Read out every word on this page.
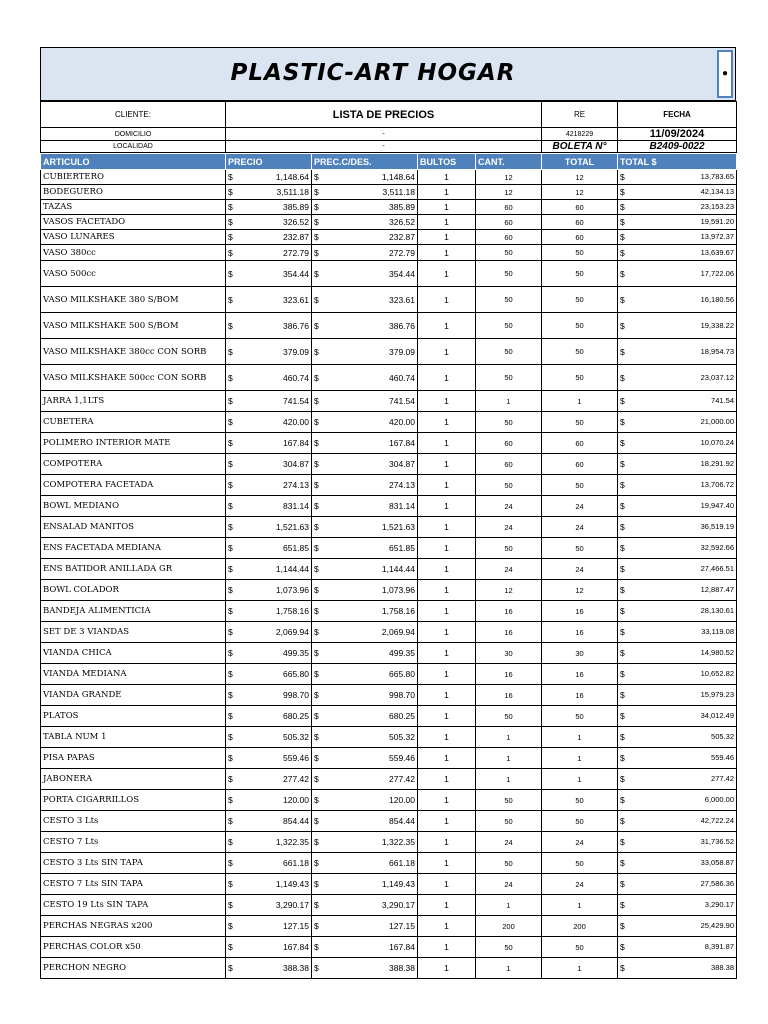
PLASTIC-ART HOGAR	●
CLIENTE:	LISTA DE PRECIOS	RE	FECHA
DOMICILIO	-	4218229	11/09/2024
LOCALIDAD	-	BOLETA N°	B2409-0022
ARTICULO	PRECIO	PREC.C/DES.	BULTOS	CANT.	TOTAL	TOTAL $
CUBIERTERO	$ 1,148.64	$ 1,148.64	1	12	12	$ 13,783.65

BODEGUERO	$ 3,511.18	$ 3,511.18	1	12	12	$ 42,134.13

TAZAS	$ 385.89	$ 385.89	1	60	60	$ 23,153.23

VASOS FACETADO	$ 326.52	$ 326.52	1	60	60	$ 19,591.20

VASO LUNARES	$ 232.87	$ 232.87	1	60	60	$ 13,972.37

VASO 380cc	$ 272.79	$ 272.79	1	50	50	$ 13,639.67

VASO 500cc	$ 354.44	$ 354.44	1	50	50	$ 17,722.06

VASO MILKSHAKE 380 S/BOM	$ 323.61	$ 323.61	1	50	50	$ 16,180.56

VASO MILKSHAKE 500 S/BOM	$ 386.76	$ 386.76	1	50	50	$ 19,338.22

VASO MILKSHAKE 380cc CON SORB	$ 379.09	$ 379.09	1	50	50	$ 18,954.73

VASO MILKSHAKE 500cc CON SORB	$ 460.74	$ 460.74	1	50	50	$ 23,037.12

JARRA 1,1LTS	$ 741.54	$ 741.54	1	1	1	$ 741.54

CUBETERA	$ 420.00	$ 420.00	1	50	50	$ 21,000.00

POLIMERO INTERIOR MATE	$ 167.84	$ 167.84	1	60	60	$ 10,070.24

COMPOTERA	$ 304.87	$ 304.87	1	60	60	$ 18,291.92

COMPOTERA FACETADA	$ 274.13	$ 274.13	1	50	50	$ 13,706.72

BOWL MEDIANO	$ 831.14	$ 831.14	1	24	24	$ 19,947.40

ENSALAD MANITOS	$ 1,521.63	$ 1,521.63	1	24	24	$ 36,519.19

ENS FACETADA MEDIANA	$ 651.85	$ 651.85	1	50	50	$ 32,592.66

ENS BATIDOR ANILLADA GR	$ 1,144.44	$ 1,144.44	1	24	24	$ 27,466.51

BOWL COLADOR	$ 1,073.96	$ 1,073.96	1	12	12	$ 12,887.47

BANDEJA ALIMENTICIA	$ 1,758.16	$ 1,758.16	1	16	16	$ 28,130.61

SET DE 3 VIANDAS	$ 2,069.94	$ 2,069.94	1	16	16	$ 33,119.08

VIANDA CHICA	$ 499.35	$ 499.35	1	30	30	$ 14,980.52

VIANDA MEDIANA	$ 665.80	$ 665.80	1	16	16	$ 10,652.82

VIANDA GRANDE	$ 998.70	$ 998.70	1	16	16	$ 15,979.23

PLATOS	$ 680.25	$ 680.25	1	50	50	$ 34,012.49

TABLA NUM 1	$ 505.32	$ 505.32	1	1	1	$ 505.32

PISA PAPAS	$ 559.46	$ 559.46	1	1	1	$ 559.46

JABONERA	$ 277.42	$ 277.42	1	1	1	$ 277.42

PORTA CIGARRILLOS	$ 120.00	$ 120.00	1	50	50	$ 6,000.00

CESTO 3 Lts	$ 854.44	$ 854.44	1	50	50	$ 42,722.24

CESTO 7 Lts	$ 1,322.35	$ 1,322.35	1	24	24	$ 31,736.52

CESTO 3 Lts SIN TAPA	$ 661.18	$ 661.18	1	50	50	$ 33,058.87

CESTO 7 Lts SIN TAPA	$ 1,149.43	$ 1,149.43	1	24	24	$ 27,586.36

CESTO 19 Lts SIN TAPA	$ 3,290.17	$ 3,290.17	1	1	1	$ 3,290.17

PERCHAS NEGRAS x200	$ 127.15	$ 127.15	1	200	200	$ 25,429.90

PERCHAS COLOR x50	$ 167.84	$ 167.84	1	50	50	$ 8,391.87

PERCHON NEGRO	$ 388.38	$ 388.38	1	1	1	$ 388.38
